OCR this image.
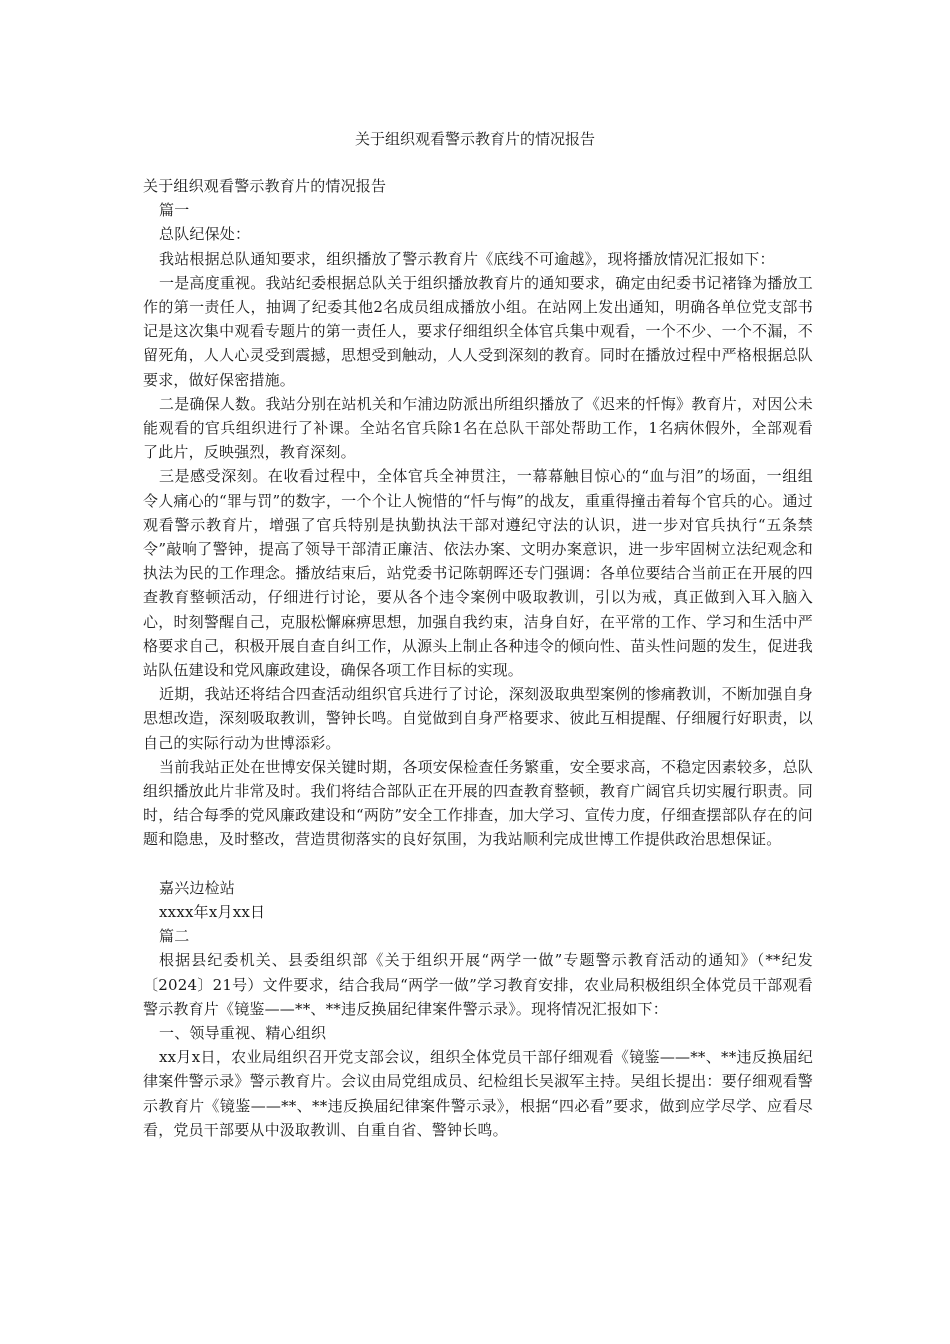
关于组织观看警示教育片的情况报告

关于组织观看警示教育片的情况报告

篇一

总队纪保处：

我站根据总队通知要求，组织播放了警示教育片《底线不可逾越》，现将播放情况汇报如下：

一是高度重视。我站纪委根据总队关于组织播放教育片的通知要求，确定由纪委书记褚锋为播放工作的第一责任人，抽调了纪委其他2名成员组成播放小组。在站网上发出通知，明确各单位党支部书记是这次集中观看专题片的第一责任人，要求仔细组织全体官兵集中观看，一个不少、一个不漏，不留死角，人人心灵受到震撼，思想受到触动，人人受到深刻的教育。同时在播放过程中严格根据总队要求，做好保密措施。

二是确保人数。我站分别在站机关和乍浦边防派出所组织播放了《迟来的忏悔》教育片，对因公未能观看的官兵组织进行了补课。全站名官兵除1名在总队干部处帮助工作，1名病休假外，全部观看了此片，反映强烈，教育深刻。

三是感受深刻。在收看过程中，全体官兵全神贯注，一幕幕触目惊心的“血与泪”的场面，一组组令人痛心的“罪与罚”的数字，一个个让人惋惜的“忏与悔”的战友，重重得撞击着每个官兵的心。通过观看警示教育片，增强了官兵特别是执勤执法干部对遵纪守法的认识，进一步对官兵执行“五条禁令”敲响了警钟，提高了领导干部清正廉洁、依法办案、文明办案意识，进一步牢固树立法纪观念和执法为民的工作理念。播放结束后，站党委书记陈朝晖还专门强调：各单位要结合当前正在开展的四查教育整顿活动，仔细进行讨论，要从各个违令案例中吸取教训，引以为戒，真正做到入耳入脑入心，时刻警醒自己，克服松懈麻痹思想，加强自我约束，洁身自好，在平常的工作、学习和生活中严格要求自己，积极开展自查自纠工作，从源头上制止各种违令的倾向性、苗头性问题的发生，促进我站队伍建设和党风廉政建设，确保各项工作目标的实现。

近期，我站还将结合四查活动组织官兵进行了讨论，深刻汲取典型案例的惨痛教训，不断加强自身思想改造，深刻吸取教训，警钟长鸣。自觉做到自身严格要求、彼此互相提醒、仔细履行好职责，以自己的实际行动为世博添彩。

当前我站正处在世博安保关键时期，各项安保检查任务繁重，安全要求高，不稳定因素较多，总队组织播放此片非常及时。我们将结合部队正在开展的四查教育整顿，教育广阔官兵切实履行职责。同时，结合每季的党风廉政建设和“两防”安全工作排查，加大学习、宣传力度，仔细查摆部队存在的问题和隐患，及时整改，营造贯彻落实的良好氛围，为我站顺利完成世博工作提供政治思想保证。

嘉兴边检站

xxxx年x月xx日

篇二

根据县纪委机关、县委组织部《关于组织开展“两学一做”专题警示教育活动的通知》（**纪发〔2024〕21号）文件要求，结合我局“两学一做”学习教育安排，农业局积极组织全体党员干部观看警示教育片《镜鉴——**、**违反换届纪律案件警示录》。现将情况汇报如下：

一、领导重视、精心组织

xx月x日，农业局组织召开党支部会议，组织全体党员干部仔细观看《镜鉴——**、**违反换届纪律案件警示录》警示教育片。会议由局党组成员、纪检组长吴淑军主持。吴组长提出：要仔细观看警示教育片《镜鉴——**、**违反换届纪律案件警示录》，根据“四必看”要求，做到应学尽学、应看尽看，党员干部要从中汲取教训、自重自省、警钟长鸣。
